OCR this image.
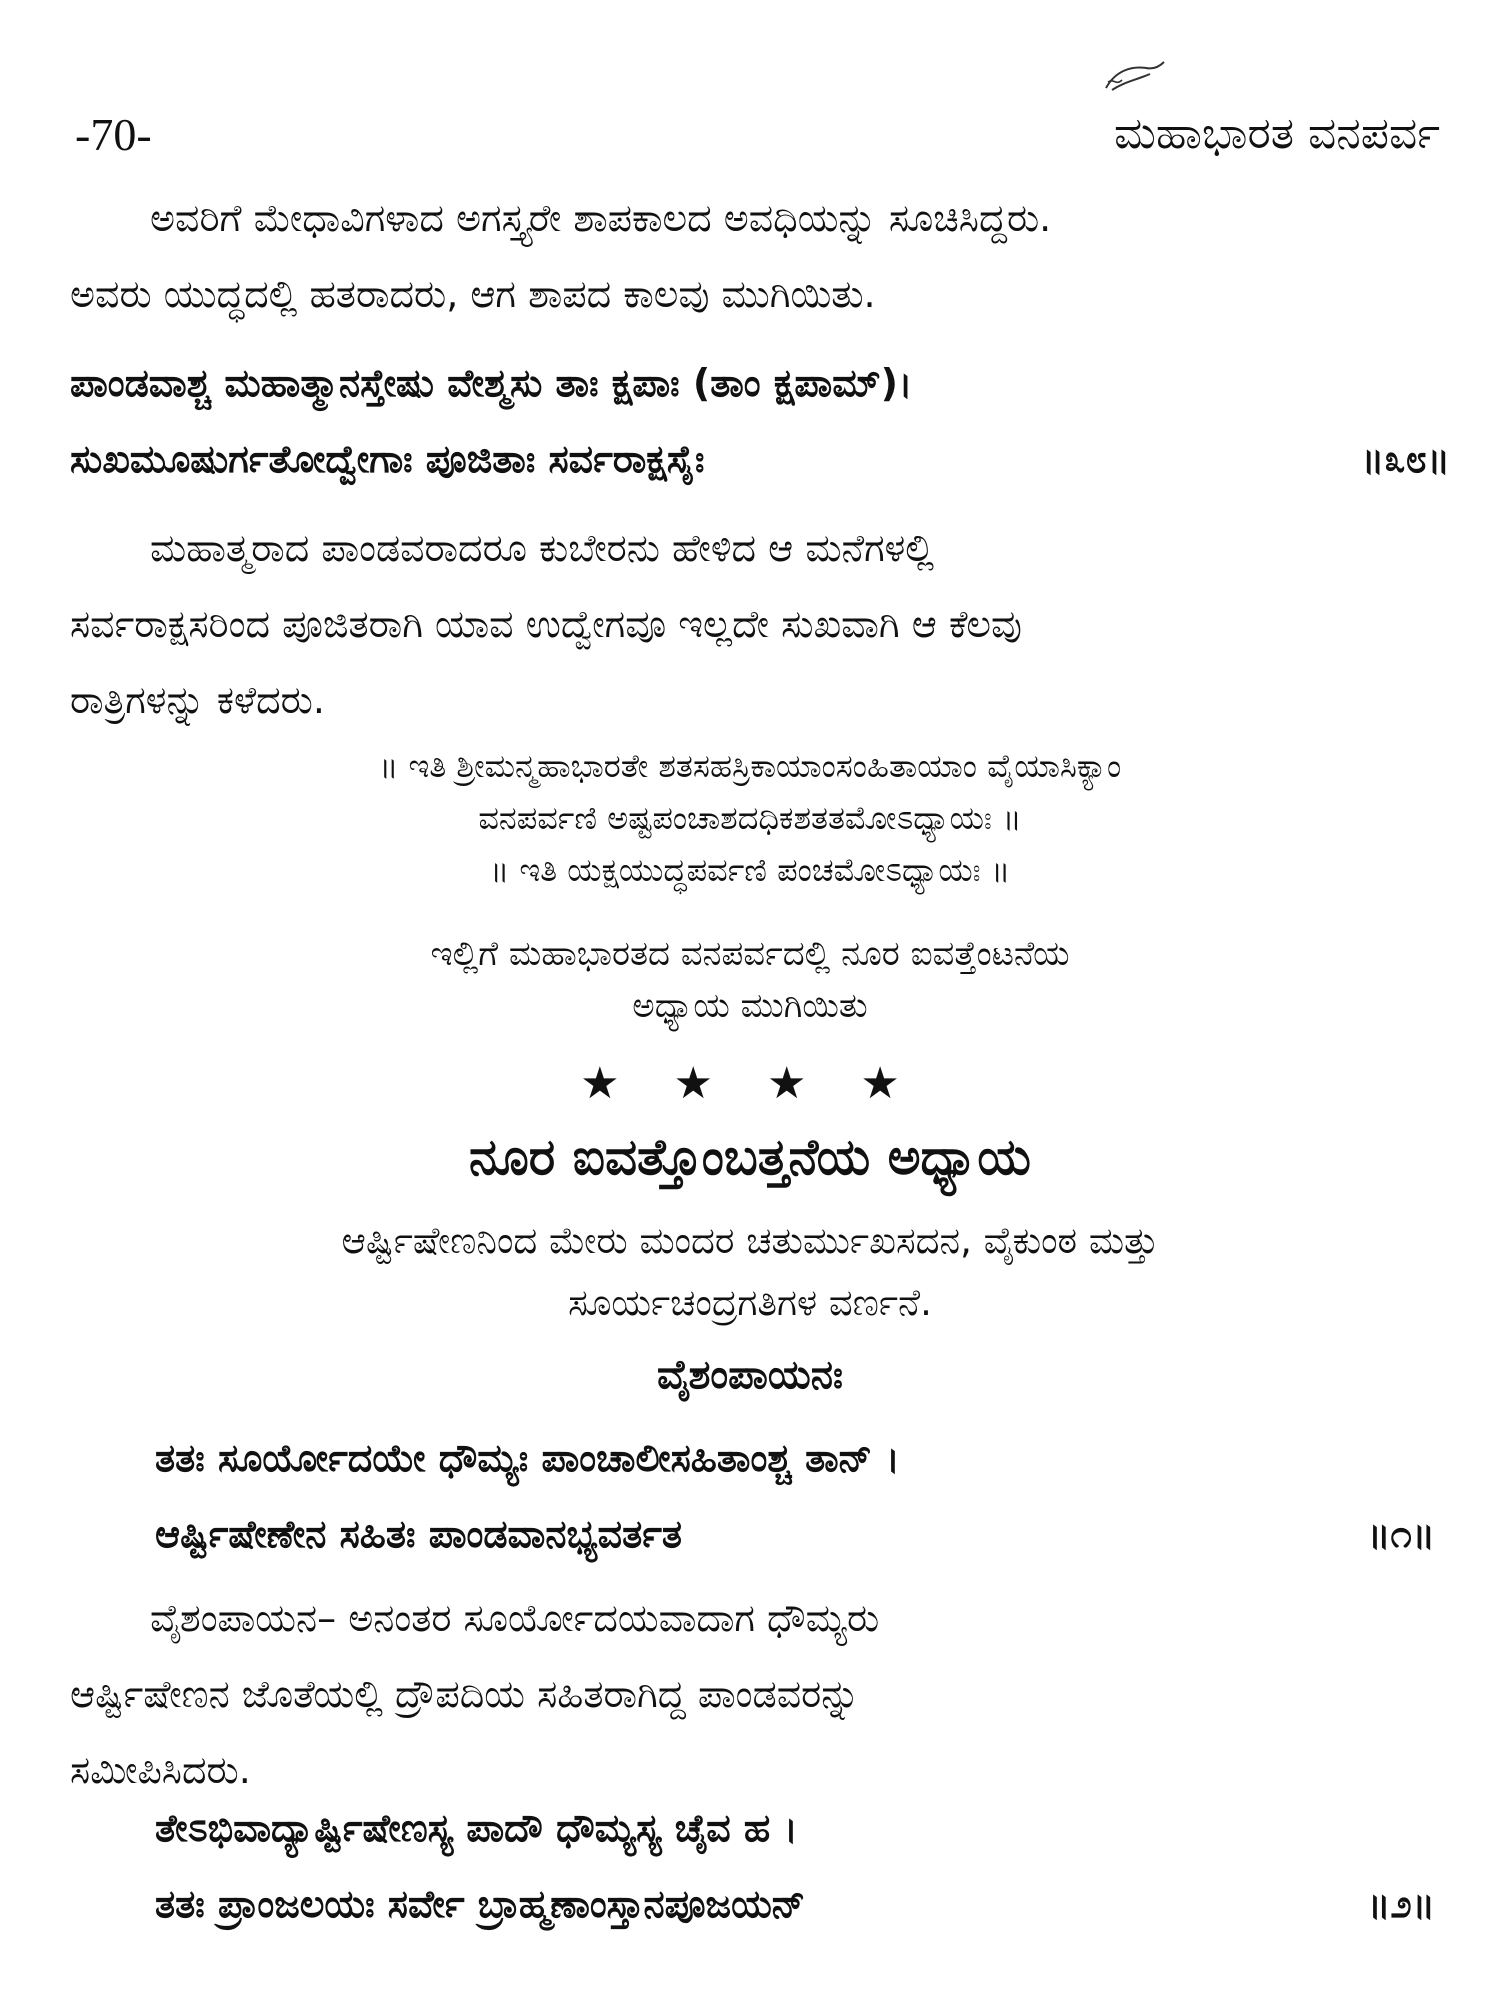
-70-	ಮಹಾಭಾರತ ವನಪರ್ವ
ಅವರಿಗೆ ಮೇಧಾವಿಗಳಾದ ಅಗಸ್ತ್ಯರೇ ಶಾಪಕಾಲದ ಅವಧಿಯನ್ನು ಸೂಚಿಸಿದ್ದರು.
ಅವರು ಯುದ್ಧದಲ್ಲಿ ಹತರಾದರು, ಆಗ ಶಾಪದ ಕಾಲವು ಮುಗಿಯಿತು.
ಪಾಂಡವಾಶ್ಚ ಮಹಾತ್ಮಾನಸ್ತೇಷು ವೇಶ್ಮಸು ತಾಃ ಕ್ಷಪಾಃ (ತಾಂ ಕ್ಷಪಾಮ್)।
ಸುಖಮೂಷುರ್ಗತೋದ್ವೇಗಾಃ ಪೂಜಿತಾಃ ಸರ್ವರಾಕ್ಷಸೈಃ	॥೩೮॥
ಮಹಾತ್ಮರಾದ ಪಾಂಡವರಾದರೂ ಕುಬೇರನು ಹೇಳಿದ ಆ ಮನೆಗಳಲ್ಲಿ
ಸರ್ವರಾಕ್ಷಸರಿಂದ ಪೂಜಿತರಾಗಿ ಯಾವ ಉದ್ವೇಗವೂ ಇಲ್ಲದೇ ಸುಖವಾಗಿ ಆ ಕೆಲವು
ರಾತ್ರಿಗಳನ್ನು ಕಳೆದರು.
॥ ಇತಿ ಶ್ರೀಮನ್ಮಹಾಭಾರತೇ ಶತಸಹಸ್ರಿಕಾಯಾಂಸಂಹಿತಾಯಾಂ ವೈಯಾಸಿಕ್ಯಾಂ
ವನಪರ್ವಣಿ ಅಷ್ಟಪಂಚಾಶದಧಿಕಶತತಮೋಽಧ್ಯಾಯಃ ॥
॥ ಇತಿ ಯಕ್ಷಯುದ್ಧಪರ್ವಣಿ ಪಂಚಮೋಽಧ್ಯಾಯಃ ॥
ಇಲ್ಲಿಗೆ ಮಹಾಭಾರತದ ವನಪರ್ವದಲ್ಲಿ ನೂರ ಐವತ್ತೆಂಟನೆಯ
ಅಧ್ಯಾಯ ಮುಗಿಯಿತು
★ ★ ★ ★
ನೂರ ಐವತ್ತೊಂಬತ್ತನೆಯ ಅಧ್ಯಾಯ
ಆರ್ಷ್ಟಿಷೇಣನಿಂದ ಮೇರು ಮಂದರ ಚತುರ್ಮುಖಸದನ, ವೈಕುಂಠ ಮತ್ತು
ಸೂರ್ಯಚಂದ್ರಗತಿಗಳ ವರ್ಣನೆ.
ವೈಶಂಪಾಯನಃ
ತತಃ ಸೂರ್ಯೋದಯೇ ಧೌಮ್ಯಃ ಪಾಂಚಾಲೀಸಹಿತಾಂಶ್ಚ ತಾನ್ ।
ಆರ್ಷ್ಟಿಷೇಣೇನ ಸಹಿತಃ ಪಾಂಡವಾನಭ್ಯವರ್ತತ	॥೧॥
ವೈಶಂಪಾಯನ– ಅನಂತರ ಸೂರ್ಯೋದಯವಾದಾಗ ಧೌಮ್ಯರು
ಆರ್ಷ್ಟಿಷೇಣನ ಜೊತೆಯಲ್ಲಿ ದ್ರೌಪದಿಯ ಸಹಿತರಾಗಿದ್ದ ಪಾಂಡವರನ್ನು
ಸಮೀಪಿಸಿದರು.
ತೇಽಭಿವಾದ್ಯಾರ್ಷ್ಟಿಷೇಣಸ್ಯ ಪಾದೌ ಧೌಮ್ಯಸ್ಯ ಚೈವ ಹ ।
ತತಃ ಪ್ರಾಂಜಲಯಃ ಸರ್ವೇ ಬ್ರಾಹ್ಮಣಾಂಸ್ತಾನಪೂಜಯನ್	॥೨॥
